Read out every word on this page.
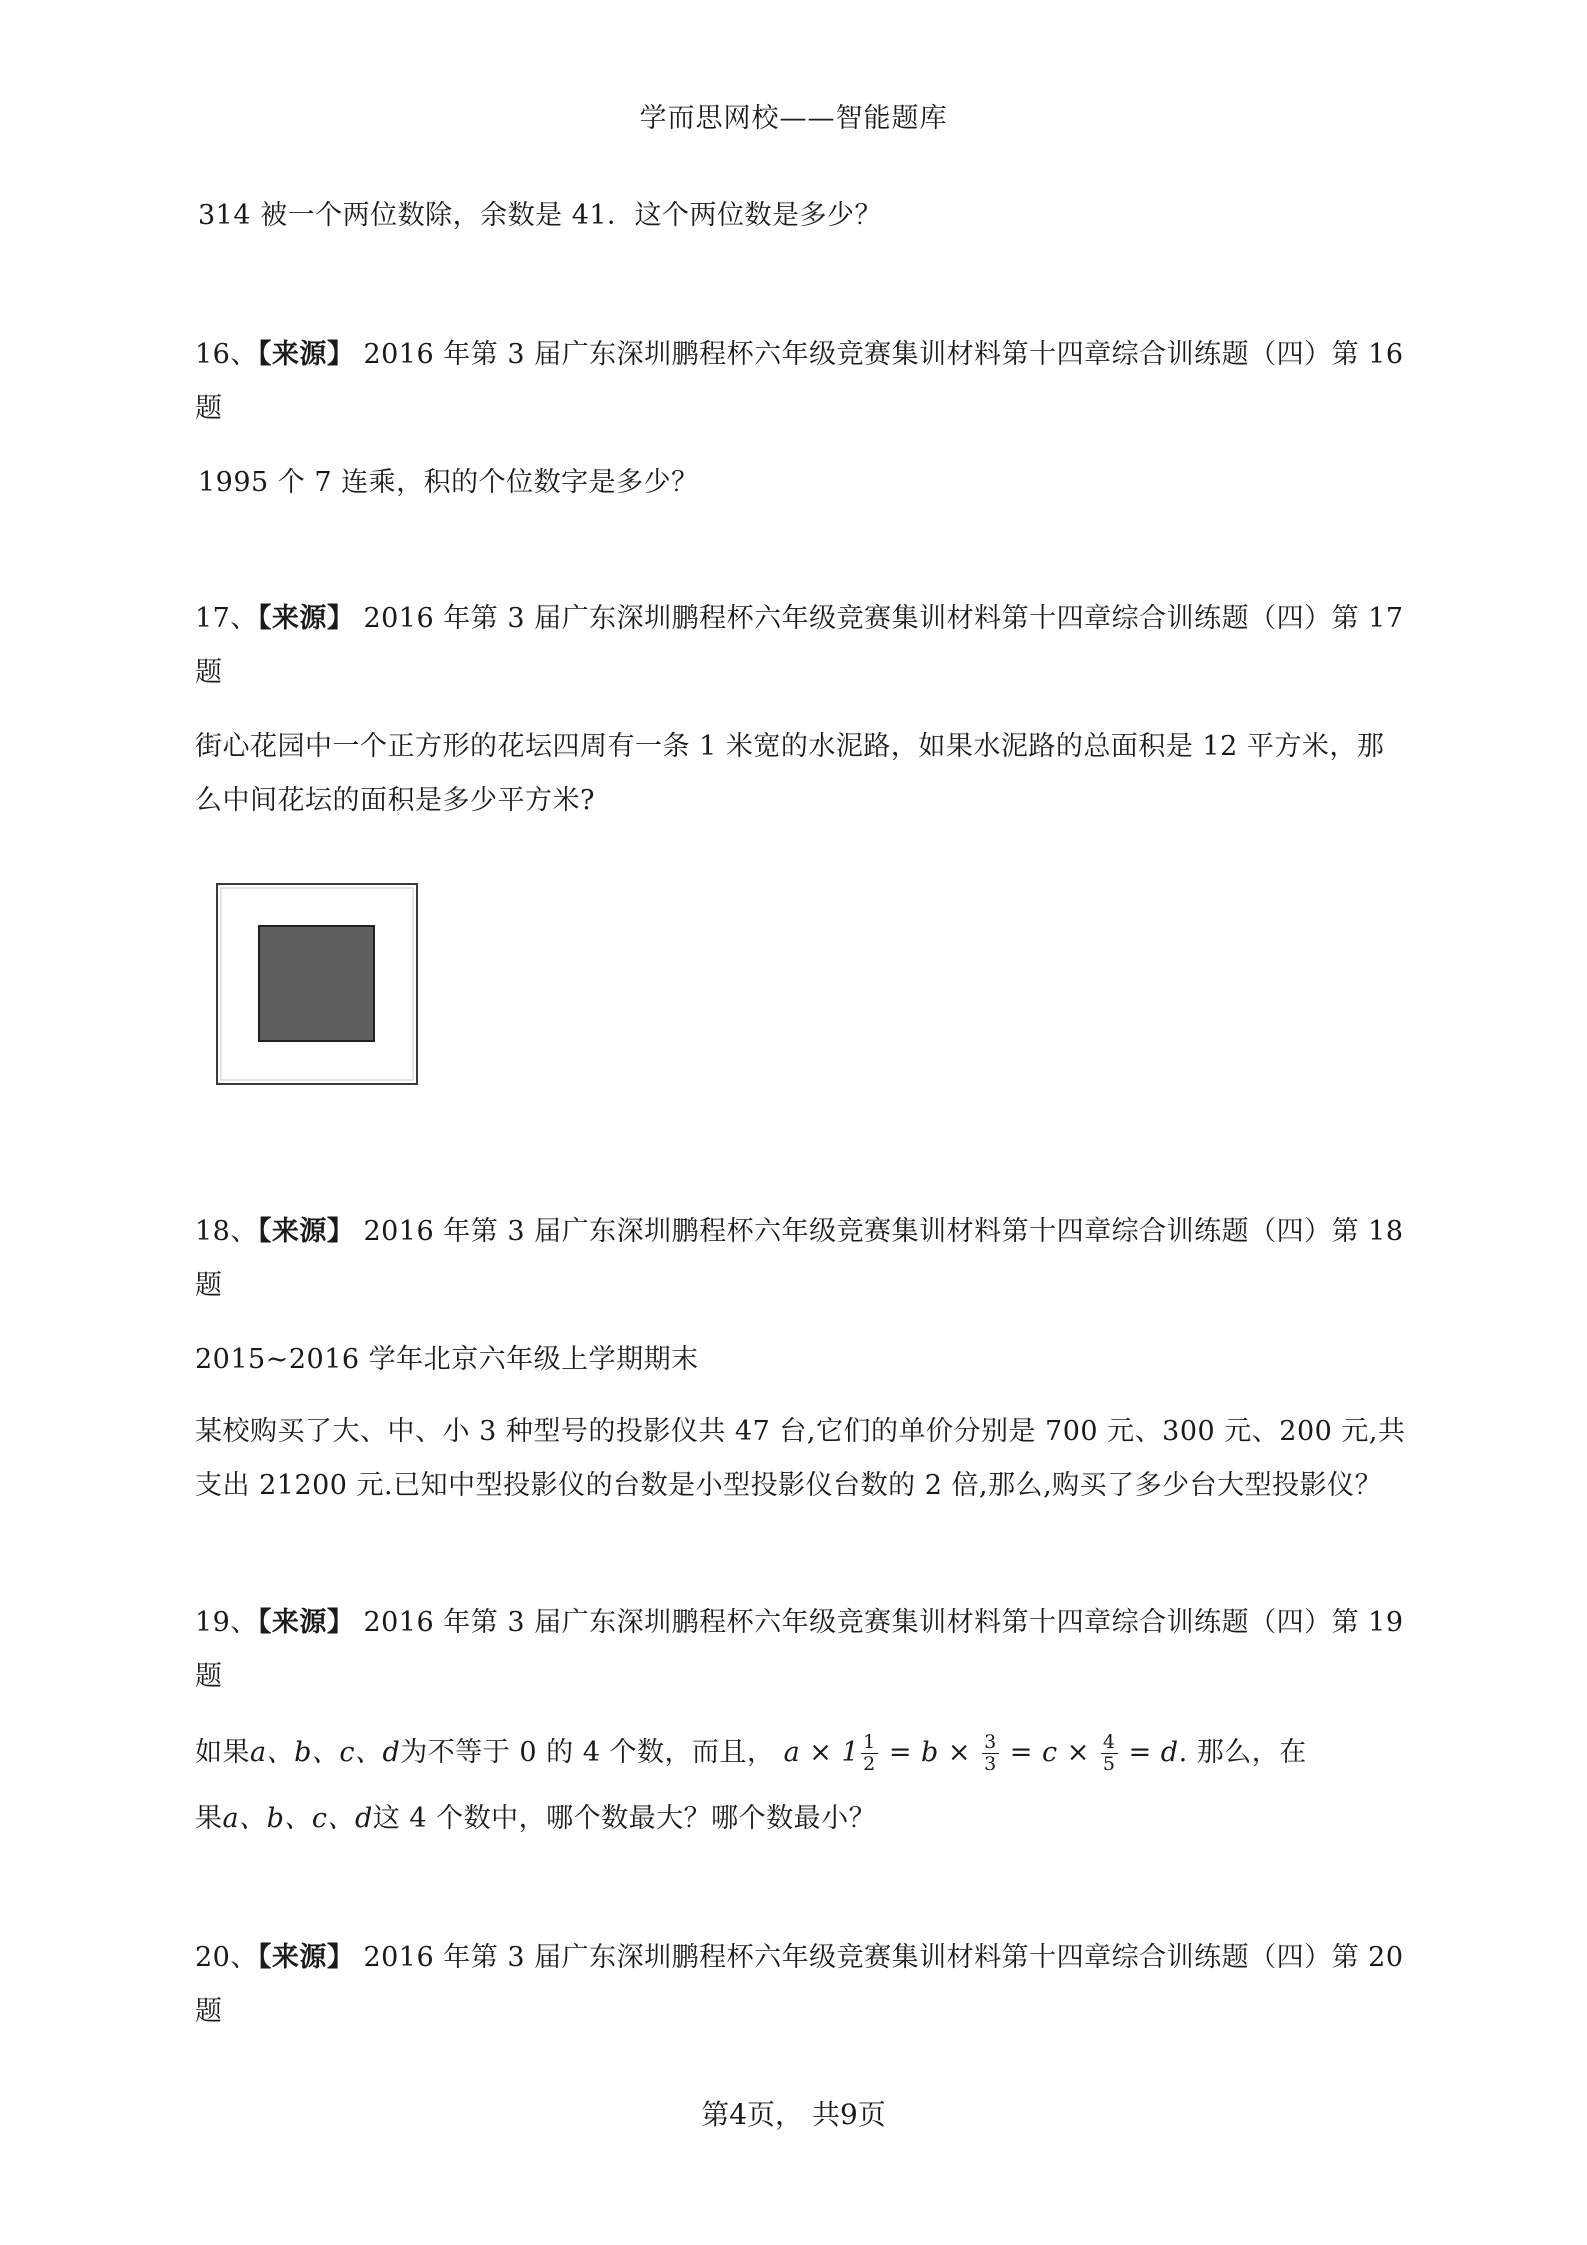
学而思网校——智能题库
314 被一个两位数除，余数是 41．这个两位数是多少？
16、【来源】 2016 年第 3 届广东深圳鹏程杯六年级竞赛集训材料第十四章综合训练题（四）第 16
题
1995 个 7 连乘，积的个位数字是多少？
17、【来源】 2016 年第 3 届广东深圳鹏程杯六年级竞赛集训材料第十四章综合训练题（四）第 17
题
街心花园中一个正方形的花坛四周有一条 1 米宽的水泥路，如果水泥路的总面积是 12 平方米，那
么中间花坛的面积是多少平方米?
18、【来源】 2016 年第 3 届广东深圳鹏程杯六年级竞赛集训材料第十四章综合训练题（四）第 18
题
2015~2016 学年北京六年级上学期期末
某校购买了大、中、小 3 种型号的投影仪共 47 台,它们的单价分别是 700 元、300 元、200 元,共
支出 21200 元.已知中型投影仪的台数是小型投影仪台数的 2 倍,那么,购买了多少台大型投影仪？
19、【来源】 2016 年第 3 届广东深圳鹏程杯六年级竞赛集训材料第十四章综合训练题（四）第 19
题
如果a、b、c、d为不等于 0 的 4 个数，而且， $a \times 1 \frac{1}{2} = b \times \frac{3}{3} = c \times \frac{4}{5} = d$. 那么，在
果a、b、c、d这 4 个数中，哪个数最大？哪个数最小？
20、【来源】 2016 年第 3 届广东深圳鹏程杯六年级竞赛集训材料第十四章综合训练题（四）第 20
题
第4页， 共9页
